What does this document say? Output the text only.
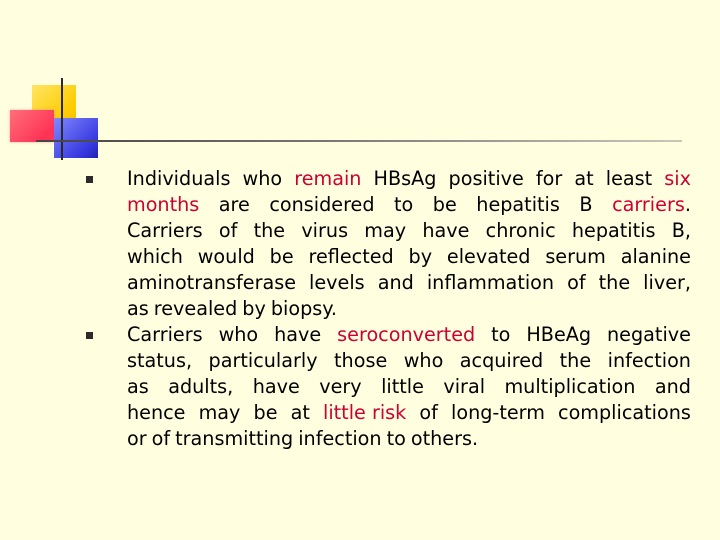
Individuals who remain HBsAg positive for at least six
months are considered to be hepatitis B carriers.
Carriers of the virus may have chronic hepatitis B,
which would be reflected by elevated serum alanine
aminotransferase levels and inflammation of the liver,
as revealed by biopsy.
Carriers who have seroconverted to HBeAg negative
status, particularly those who acquired the infection
as adults, have very little viral multiplication and
hence may be at little risk of long-term complications
or of transmitting infection to others.
